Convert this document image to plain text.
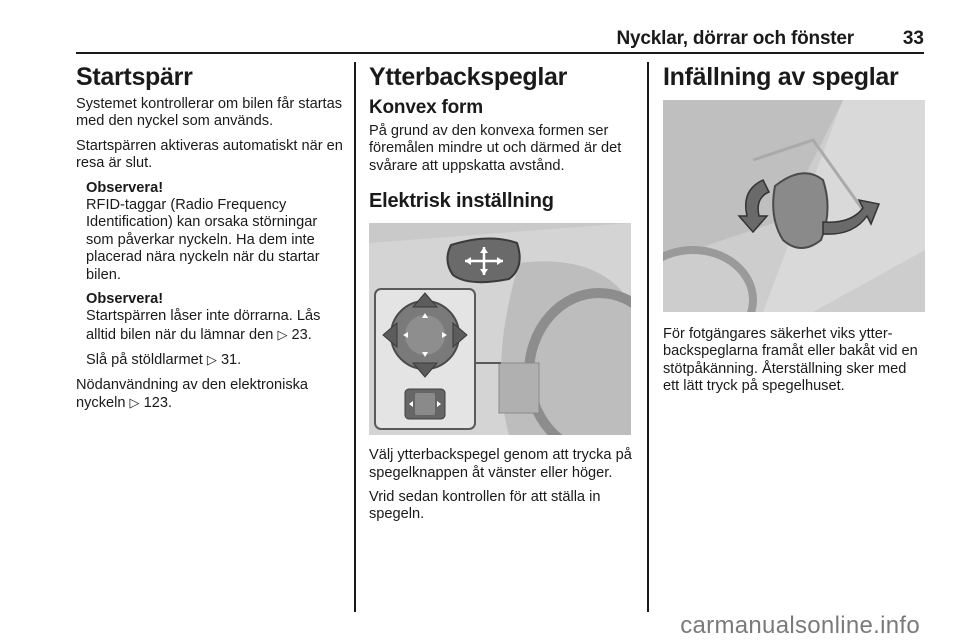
Nycklar, dörrar och fönster	33
Startspärr

Systemet kontrollerar om bilen får startas med den nyckel som används.

Startspärren aktiveras automatiskt när en resa är slut.

Observera!
RFID-taggar (Radio Frequency Identification) kan orsaka störningar som påverkar nyckeln. Ha dem inte placerad nära nyckeln när du startar bilen.

Observera!
Startspärren låser inte dörrarna. Lås alltid bilen när du lämnar den ▷ 23.

Slå på stöldlarmet ▷ 31.

Nödanvändning av den elektroniska nyckeln ▷ 123.

Ytterbackspeglar
Konvex form

På grund av den konvexa formen ser föremålen mindre ut och därmed är det svårare att uppskatta avstånd.

Elektrisk inställning

Välj ytterbackspegel genom att trycka på spegelknappen åt vänster eller höger.

Vrid sedan kontrollen för att ställa in spegeln.

Infällning av speglar

För fotgängares säkerhet viks ytter-backspeglarna framåt eller bakåt vid en stötpåkänning. Återställning sker med ett lätt tryck på spegelhuset.

carmanualsonline.info
